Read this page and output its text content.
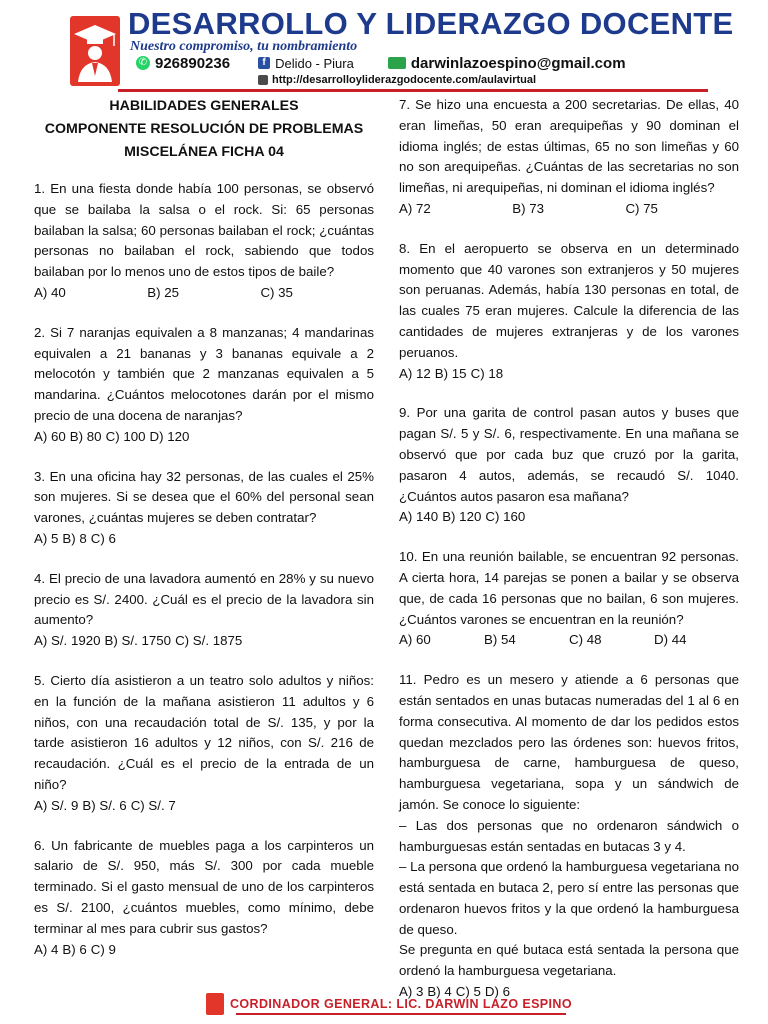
DESARROLLO Y LIDERAZGO DOCENTE
Nuestro compromiso, tu nombramiento
✆ 926890236	f Delido - Piura	darwinlazoespino@gmail.com
http://desarrolloyliderazgodocente.com/aulavirtual
HABILIDADES GENERALES
COMPONENTE RESOLUCIÓN DE PROBLEMAS
MISCELÁNEA FICHA 04
1. En una fiesta donde había 100 personas, se observó que se bailaba la salsa o el rock. Si: 65 personas bailaban la salsa; 60 personas bailaban el rock; ¿cuántas personas no bailaban el rock, sabiendo que todos bailaban por lo menos uno de estos tipos de baile?
A) 40	B) 25	C) 35
2. Si 7 naranjas equivalen a 8 manzanas; 4 mandarinas equivalen a 21 bananas y 3 bananas equivale a 2 melocotón y también que 2 manzanas equivalen a 5 mandarina. ¿Cuántos melocotones darán por el mismo precio de una docena de naranjas?
A) 60 B) 80 C) 100 D) 120
3. En una oficina hay 32 personas, de las cuales el 25% son mujeres. Si se desea que el 60% del personal sean varones, ¿cuántas mujeres se deben contratar?
A) 5 B) 8 C) 6
4. El precio de una lavadora aumentó en 28% y su nuevo precio es S/. 2400. ¿Cuál es el precio de la lavadora sin aumento?
A) S/. 1920 B) S/. 1750 C) S/. 1875
5. Cierto día asistieron a un teatro solo adultos y niños: en la función de la mañana asistieron 11 adultos y 6 niños, con una recaudación total de S/. 135, y por la tarde asistieron 16 adultos y 12 niños, con S/. 216 de recaudación. ¿Cuál es el precio de la entrada de un niño?
A) S/. 9 B) S/. 6 C) S/. 7
6. Un fabricante de muebles paga a los carpinteros un salario de S/. 950, más S/. 300 por cada mueble terminado. Si el gasto mensual de uno de los carpinteros es S/. 2100, ¿cuántos muebles, como mínimo, debe terminar al mes para cubrir sus gastos?
A) 4 B) 6 C) 9
7. Se hizo una encuesta a 200 secretarias. De ellas, 40 eran limeñas, 50 eran arequipeñas y 90 dominan el idioma inglés; de estas últimas, 65 no son limeñas y 60 no son arequipeñas. ¿Cuántas de las secretarias no son limeñas, ni arequipeñas, ni dominan el idioma inglés?
A) 72	B) 73	C) 75
8. En el aeropuerto se observa en un determinado momento que 40 varones son extranjeros y 50 mujeres son peruanas. Además, había 130 personas en total, de las cuales 75 eran mujeres. Calcule la diferencia de las cantidades de mujeres extranjeras y de los varones peruanos.
A) 12 B) 15 C) 18
9. Por una garita de control pasan autos y buses que pagan S/. 5 y S/. 6, respectivamente. En una mañana se observó que por cada buz que cruzó por la garita, pasaron 4 autos, además, se recaudó S/. 1040. ¿Cuántos autos pasaron esa mañana?
A) 140 B) 120 C) 160
10. En una reunión bailable, se encuentran 92 personas. A cierta hora, 14 parejas se ponen a bailar y se observa que, de cada 16 personas que no bailan, 6 son mujeres. ¿Cuántos varones se encuentran en la reunión?
A) 60	B) 54	C) 48	D) 44
11. Pedro es un mesero y atiende a 6 personas que están sentados en unas butacas numeradas del 1 al 6 en forma consecutiva. Al momento de dar los pedidos estos quedan mezclados pero las órdenes son: huevos fritos, hamburguesa de carne, hamburguesa de queso, hamburguesa vegetariana, sopa y un sándwich de jamón. Se conoce lo siguiente:
– Las dos personas que no ordenaron sándwich o hamburguesas están sentadas en butacas 3 y 4.
– La persona que ordenó la hamburguesa vegetariana no está sentada en butaca 2, pero sí entre las personas que ordenaron huevos fritos y la que ordenó la hamburguesa de queso.
Se pregunta en qué butaca está sentada la persona que ordenó la hamburguesa vegetariana.
A) 3 B) 4 C) 5 D) 6
CORDINADOR GENERAL: LIC. DARWIN LAZO ESPINO
